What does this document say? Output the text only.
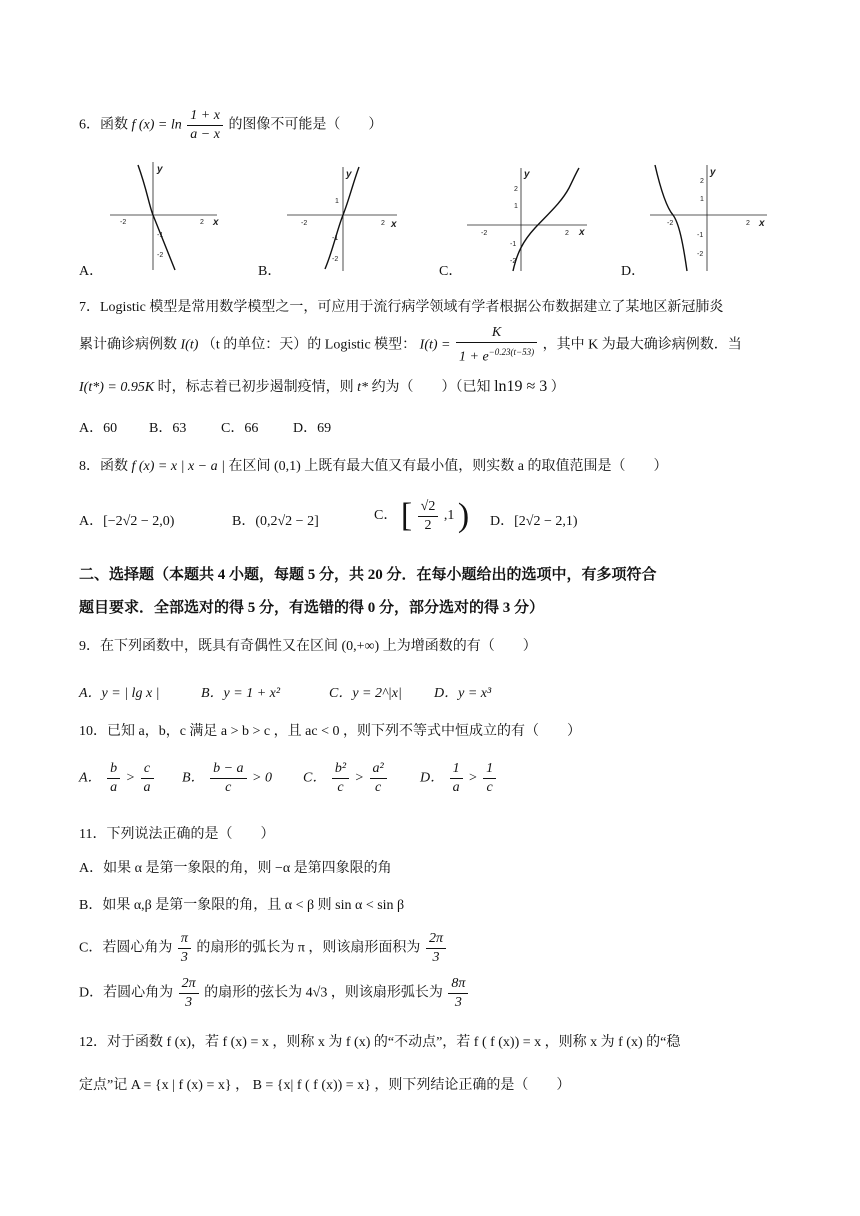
6．函数 f $(x) = \ln \frac{1 + x}{a - x}$ 的图像不可能是（　　）
x
y
-2	2
-1
-2
A．
x
y
-2	2
1
-1
-2
B．
x
y
-2	2
2
1
-1
-2
C．
x
y
-2	2
2
1
-1
-2
D．
7．Logistic 模型是常用数学模型之一，可应用于流行病学领域有学者根据公布数据建立了某地区新冠肺炎
累计确诊病例数 I(t) （t 的单位：天）的 Logistic 模型： $I(t) = \frac{K}{1 + e^{-0.23(t-53)}}$ ，其中 K 为最大确诊病例数．当
I(t*) = 0.95K 时，标志着已初步遏制疫情，则 t* 约为（　　）（已知 ln19 ≈ 3 ）
A．60 B．63 C．66 D．69
8．函数 f (x) = x | x − a | 在区间 (0,1) 上既有最大值又有最小值，则实数 a 的取值范围是（　　）
A．[−2√2 − 2,0)	B．(0,2√2 − 2]	C． [ $\frac{√2}{2} ,1$ ) D．[2√2 − 2,1)
二、选择题（本题共 4 小题，每题 5 分，共 20 分．在每小题给出的选项中，有多项符合
题目要求．全部选对的得 5 分，有选错的得 0 分，部分选对的得 3 分）
9．在下列函数中，既具有奇偶性又在区间 (0,+∞) 上为增函数的有（　　）
A．y = | lg x |	B．y = 1 + x²	C．y = 2^|x| D．y = x³
10．已知 a，b，c 满足 a > b > c ，且 ac < 0 ，则下列不等式中恒成立的有（　　）
A． $\frac{b}{a} > \frac{c}{a}$ B． $\frac{b - a}{c} > 0$ C． $\frac{\text{b²}}{c} > \frac{\text{a²}}{c}$ D． $\frac{1}{a} > \frac{1}{c}$
11．下列说法正确的是（　　）
A．如果 α 是第一象限的角，则 −α 是第四象限的角
B．如果 α,β 是第一象限的角，且 α < β 则 sin α < sin β
C．若圆心角为 $\frac{\pi}{3}$ 的扇形的弧长为 π ，则该扇形面积为 $\frac{2\pi}{3}$
D．若圆心角为 $\frac{2\pi}{3}$ 的扇形的弦长为 4√3 ，则该扇形弧长为 $\frac{8\pi}{3}$
12．对于函数 f (x)，若 f (x) = x ，则称 x 为 f (x) 的“不动点”，若 f ( f (x)) = x ，则称 x 为 f (x) 的“稳
定点”记 A = {x | f (x) = x} ， B = {x| f ( f (x)) = x} ，则下列结论正确的是（　　）
